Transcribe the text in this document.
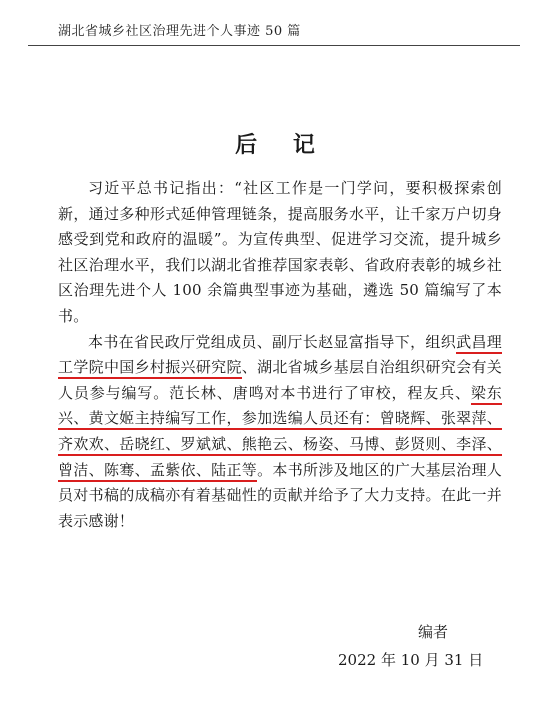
湖北省城乡社区治理先进个人事迹 50 篇
后 记

习近平总书记指出：“社区工作是一门学问，要积极探索创新，通过多种形式延伸管理链条，提高服务水平，让千家万户切身感受到党和政府的温暖”。为宣传典型、促进学习交流，提升城乡社区治理水平，我们以湖北省推荐国家表彰、省政府表彰的城乡社区治理先进个人 100 余篇典型事迹为基础，遴选 50 篇编写了本书。

本书在省民政厅党组成员、副厅长赵显富指导下，组织武昌理工学院中国乡村振兴研究院、湖北省城乡基层自治组织研究会有关人员参与编写。范长林、唐鸣对本书进行了审校，程友兵、梁东兴、黄文姬主持编写工作，参加选编人员还有：曾晓辉、张翠萍、齐欢欢、岳晓红、罗斌斌、熊艳云、杨姿、马博、彭贤则、李泽、曾洁、陈骞、孟紫依、陆正等。本书所涉及地区的广大基层治理人员对书稿的成稿亦有着基础性的贡献并给予了大力支持。在此一并表示感谢！

编者
2022 年 10 月 31 日
